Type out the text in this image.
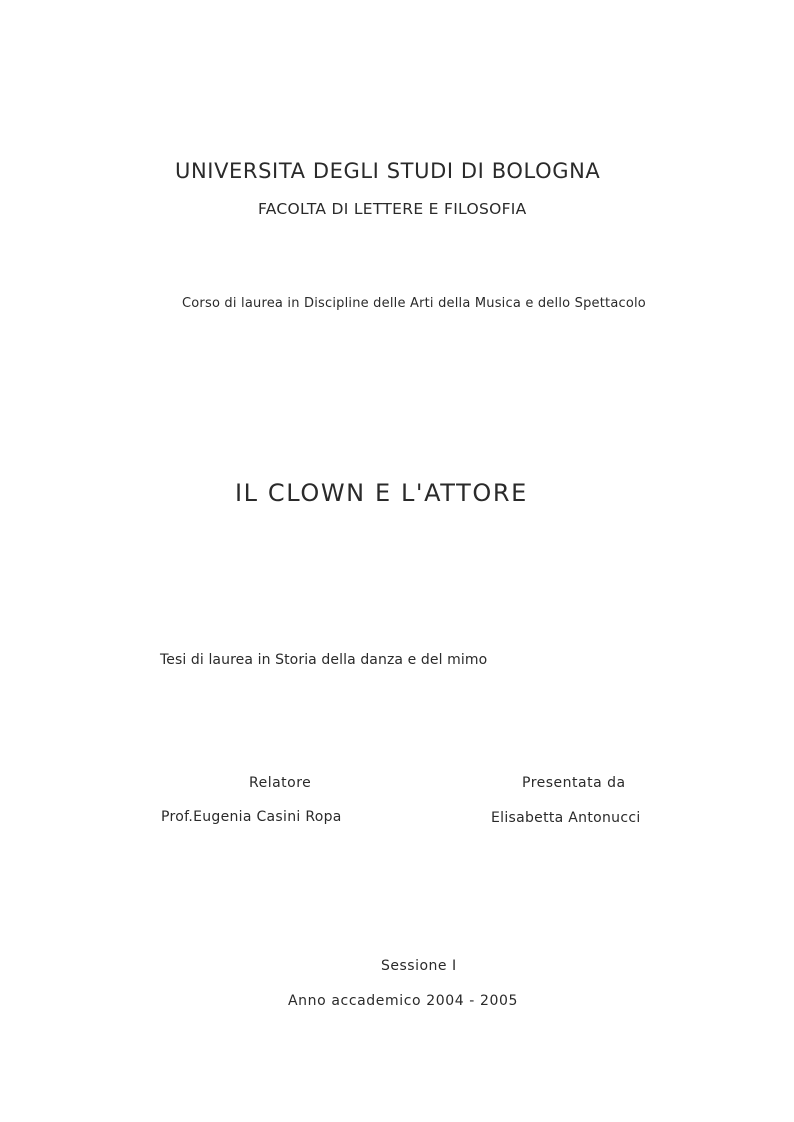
UNIVERSITA DEGLI STUDI DI BOLOGNA
FACOLTA DI LETTERE E FILOSOFIA
Corso di laurea in Discipline delle Arti della Musica e dello Spettacolo
IL CLOWN E L'ATTORE
Tesi di laurea in Storia della danza e del mimo
Relatore
Prof.Eugenia Casini Ropa
Presentata da
Elisabetta Antonucci
Sessione I
Anno accademico 2004 - 2005
